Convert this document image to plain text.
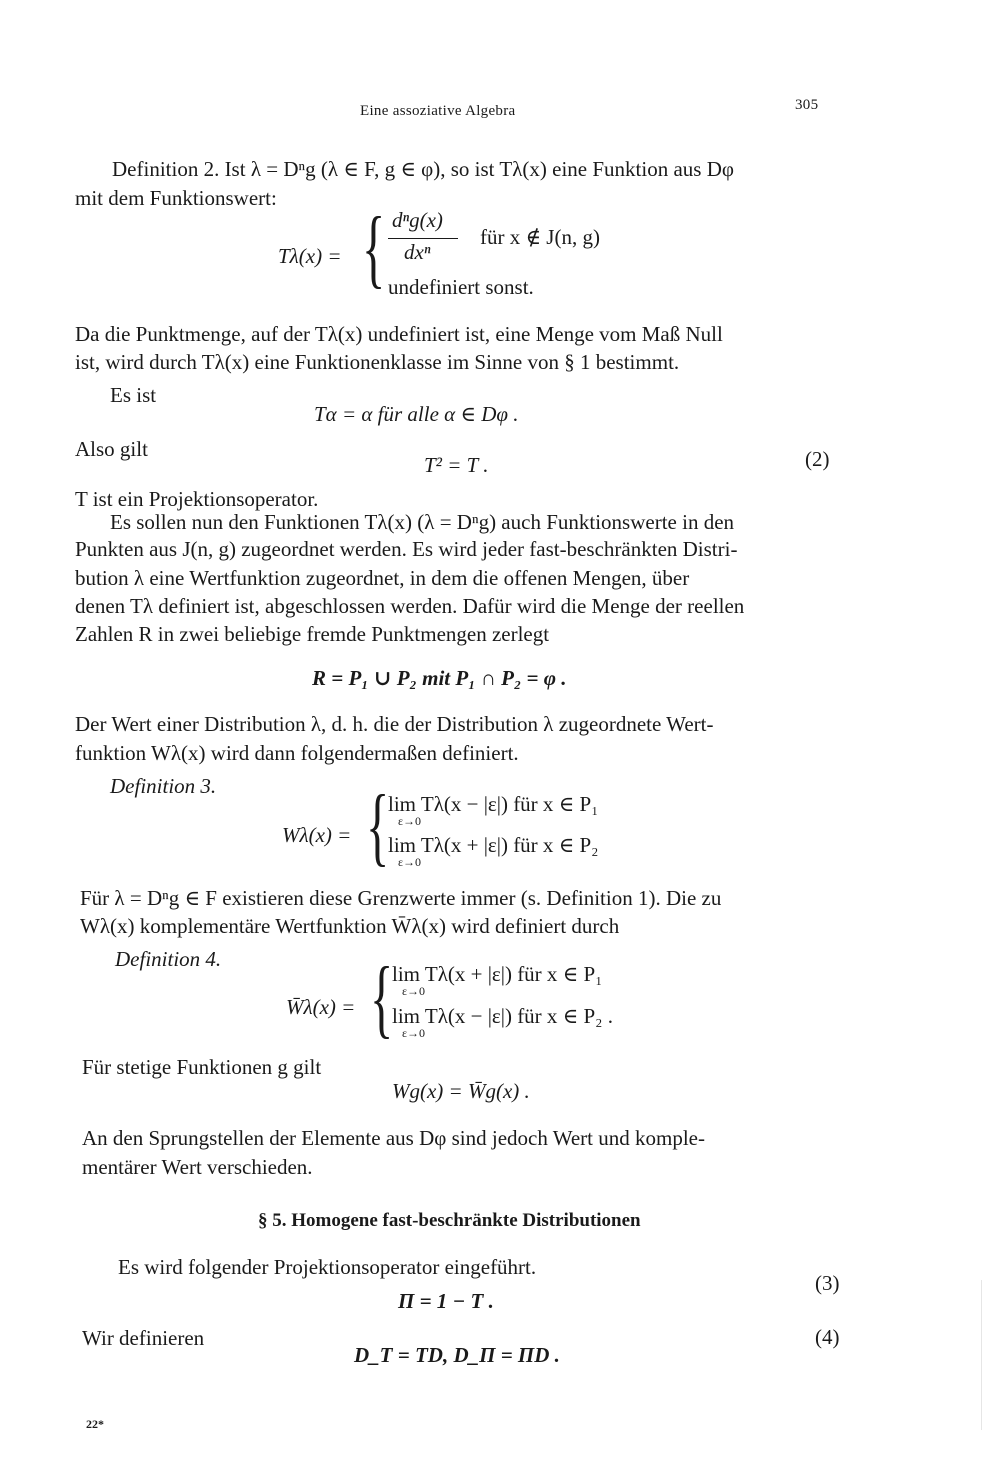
Eine assoziative Algebra	305
Definition 2. Ist λ = Dⁿg (λ ∈ F, g ∈ φ), so ist Tλ(x) eine Funktion aus Dφ
mit dem Funktionswert:
Tλ(x) = { dⁿg(x)
dxⁿ
für x ∉ J(n, g)
undefiniert sonst.
Da die Punktmenge, auf der Tλ(x) undefiniert ist, eine Menge vom Maß Null
ist, wird durch Tλ(x) eine Funktionenklasse im Sinne von § 1 bestimmt.
Es ist
Tα = α für alle α ∈ Dφ .
Also gilt
T² = T .	(2)
T ist ein Projektionsoperator.
Es sollen nun den Funktionen Tλ(x) (λ = Dⁿg) auch Funktionswerte in den
Punkten aus J(n, g) zugeordnet werden. Es wird jeder fast-beschränkten Distri-
bution λ eine Wertfunktion zugeordnet, in dem die offenen Mengen, über
denen Tλ definiert ist, abgeschlossen werden. Dafür wird die Menge der reellen
Zahlen R in zwei beliebige fremde Punktmengen zerlegt
R = P₁ ∪ P₂ mit P₁ ∩ P₂ = φ .
Der Wert einer Distribution λ, d. h. die der Distribution λ zugeordnete Wert-
funktion Wλ(x) wird dann folgendermaßen definiert.
Definition 3.
Wλ(x) = {
lim Tλ(x − |ε|) für x ∈ P₁
ε→0
lim Tλ(x + |ε|) für x ∈ P₂
ε→0
Für λ = Dⁿg ∈ F existieren diese Grenzwerte immer (s. Definition 1). Die zu
Wλ(x) komplementäre Wertfunktion W̄λ(x) wird definiert durch
Definition 4.
W̄λ(x) = {
lim Tλ(x + |ε|) für x ∈ P₁
ε→0
lim Tλ(x − |ε|) für x ∈ P₂ .
ε→0
Für stetige Funktionen g gilt
Wg(x) = W̄g(x) .
An den Sprungstellen der Elemente aus Dφ sind jedoch Wert und komple-
mentärer Wert verschieden.
§ 5. Homogene fast-beschränkte Distributionen
Es wird folgender Projektionsoperator eingeführt.
Π = 1 − T .
(3)
Wir definieren
D_T = TD, D_Π = ΠD .
(4)
22*
